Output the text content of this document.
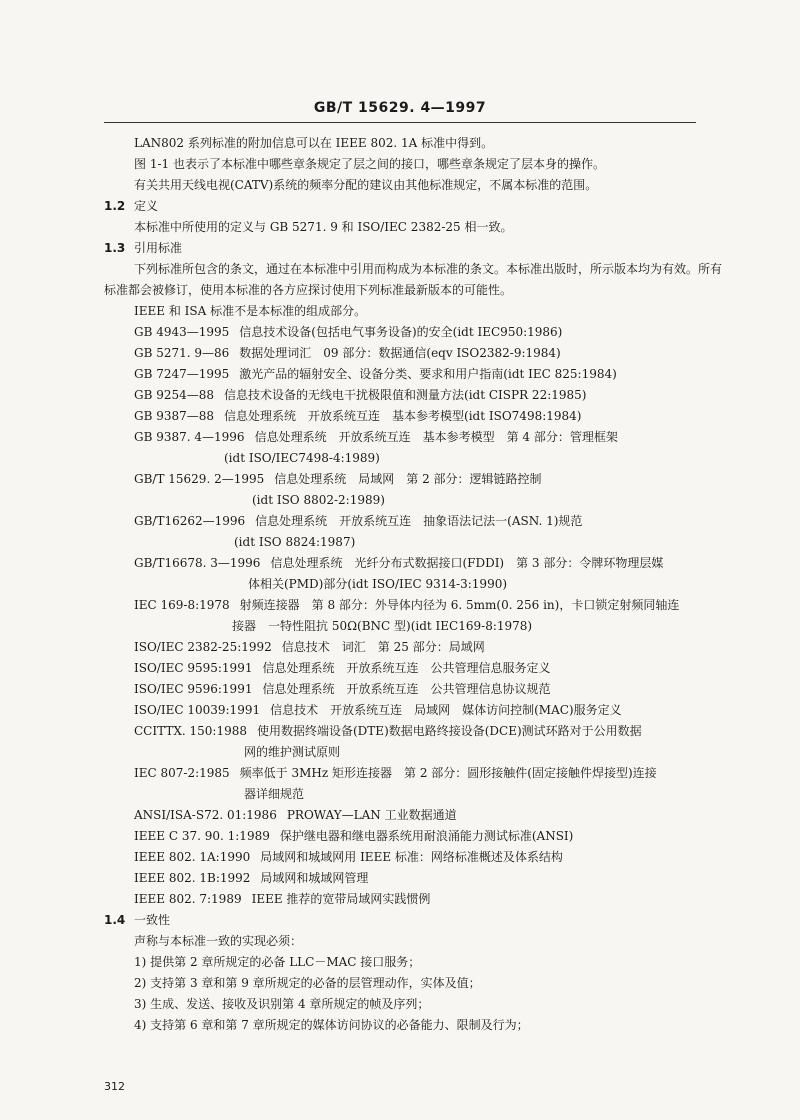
GB/T 15629. 4—1997

LAN802 系列标准的附加信息可以在 IEEE 802. 1A 标准中得到。

图 1-1 也表示了本标准中哪些章条规定了层之间的接口，哪些章条规定了层本身的操作。

有关共用天线电视(CATV)系统的频率分配的建议由其他标准规定，不属本标准的范围。

1.2 定义

本标准中所使用的定义与 GB 5271. 9 和 ISO/IEC 2382-25 相一致。

1.3 引用标准

下列标准所包含的条文，通过在本标准中引用而构成为本标准的条文。本标准出版时，所示版本均为有效。所有标准都会被修订，使用本标准的各方应探讨使用下列标准最新版本的可能性。

IEEE 和 ISA 标准不是本标准的组成部分。

GB 4943—1995 信息技术设备(包括电气事务设备)的安全(idt IEC950:1986)

GB 5271. 9—86 数据处理词汇　09 部分：数据通信(eqv ISO2382-9:1984)

GB 7247—1995 激光产品的辐射安全、设备分类、要求和用户指南(idt IEC 825:1984)

GB 9254—88 信息技术设备的无线电干扰极限值和测量方法(idt CISPR 22:1985)

GB 9387—88 信息处理系统　开放系统互连　基本参考模型(idt ISO7498:1984)

GB 9387. 4—1996 信息处理系统　开放系统互连　基本参考模型　第 4 部分：管理框架

(idt ISO/IEC7498-4:1989)

GB/T 15629. 2—1995 信息处理系统　局域网　第 2 部分：逻辑链路控制

(idt ISO 8802-2:1989)

GB/T16262—1996 信息处理系统　开放系统互连　抽象语法记法一(ASN. 1)规范

(idt ISO 8824:1987)

GB/T16678. 3—1996 信息处理系统　光纤分布式数据接口(FDDI)　第 3 部分：令牌环物理层媒

体相关(PMD)部分(idt ISO/IEC 9314-3:1990)

IEC 169-8:1978 射频连接器　第 8 部分：外导体内径为 6. 5mm(0. 256 in)，卡口锁定射频同轴连

接器　一特性阻抗 50Ω(BNC 型)(idt IEC169-8:1978)

ISO/IEC 2382-25:1992 信息技术　词汇　第 25 部分：局域网

ISO/IEC 9595:1991 信息处理系统　开放系统互连　公共管理信息服务定义

ISO/IEC 9596:1991 信息处理系统　开放系统互连　公共管理信息协议规范

ISO/IEC 10039:1991 信息技术　开放系统互连　局域网　媒体访问控制(MAC)服务定义

CCITTX. 150:1988 使用数据终端设备(DTE)数据电路终接设备(DCE)测试环路对于公用数据

网的维护测试原则

IEC 807-2:1985 频率低于 3MHz 矩形连接器　第 2 部分：圆形接触件(固定接触件焊接型)连接

器详细规范

ANSI/ISA-S72. 01:1986 PROWAY—LAN 工业数据通道

IEEE C 37. 90. 1:1989 保护继电器和继电器系统用耐浪涌能力测试标准(ANSI)

IEEE 802. 1A:1990 局域网和城域网用 IEEE 标准：网络标准概述及体系结构

IEEE 802. 1B:1992 局域网和城域网管理

IEEE 802. 7:1989 IEEE 推荐的宽带局域网实践惯例

1.4 一致性

声称与本标准一致的实现必须：

1) 提供第 2 章所规定的必备 LLC－MAC 接口服务；

2) 支持第 3 章和第 9 章所规定的必备的层管理动作，实体及值；

3) 生成、发送、接收及识别第 4 章所规定的帧及序列；

4) 支持第 6 章和第 7 章所规定的媒体访问协议的必备能力、限制及行为；

312
